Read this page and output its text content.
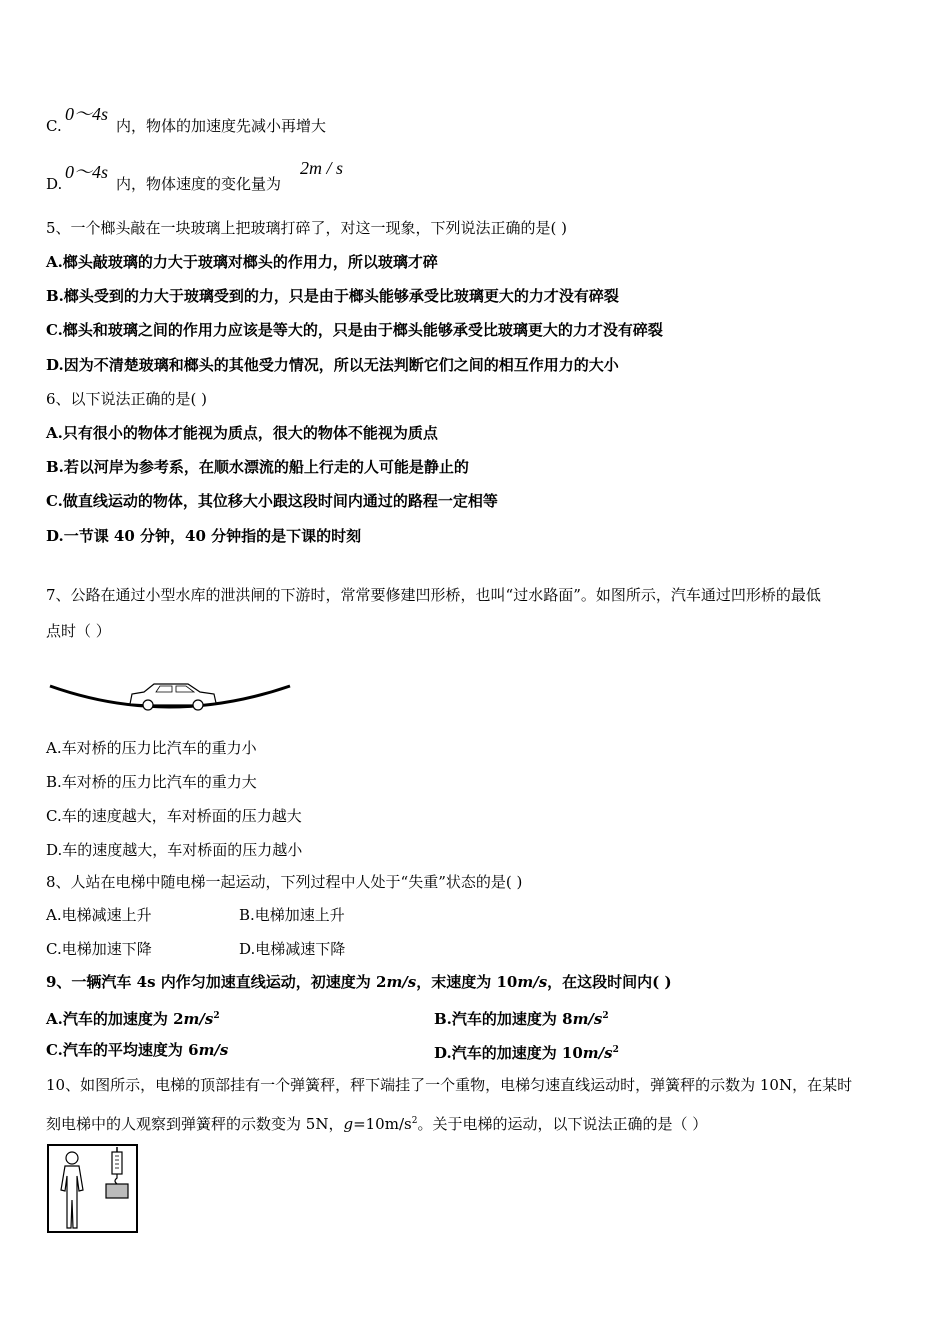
C.
0～4s
内，物体的加速度先减小再增大
D.
0～4s
内，物体速度的变化量为
2m / s
5、一个榔头敲在一块玻璃上把玻璃打碎了，对这一现象，下列说法正确的是( )
A.榔头敲玻璃的力大于玻璃对榔头的作用力，所以玻璃才碎
B.榔头受到的力大于玻璃受到的力，只是由于榔头能够承受比玻璃更大的力才没有碎裂
C.榔头和玻璃之间的作用力应该是等大的，只是由于榔头能够承受比玻璃更大的力才没有碎裂
D.因为不清楚玻璃和榔头的其他受力情况，所以无法判断它们之间的相互作用力的大小
6、以下说法正确的是( )
A.只有很小的物体才能视为质点，很大的物体不能视为质点
B.若以河岸为参考系，在顺水漂流的船上行走的人可能是静止的
C.做直线运动的物体，其位移大小跟这段时间内通过的路程一定相等
D.一节课 40 分钟，40 分钟指的是下课的时刻
7、公路在通过小型水库的泄洪闸的下游时，常常要修建凹形桥，也叫“过水路面”。如图所示，汽车通过凹形桥的最低
点时（ ）
A.车对桥的压力比汽车的重力小
B.车对桥的压力比汽车的重力大
C.车的速度越大，车对桥面的压力越大
D.车的速度越大，车对桥面的压力越小
8、人站在电梯中随电梯一起运动，下列过程中人处于“失重”状态的是( )
A.电梯减速上升	B.电梯加速上升
C.电梯加速下降	D.电梯减速下降
9、一辆汽车 4s 内作匀加速直线运动，初速度为 2m/s，末速度为 10m/s，在这段时间内( )
A.汽车的加速度为 $2m/s^2$	B.汽车的加速度为 $8m/s^2$
C.汽车的平均速度为 6m/s	D.汽车的加速度为 $10m/s^2$
10、如图所示，电梯的顶部挂有一个弹簧秤，秤下端挂了一个重物，电梯匀速直线运动时，弹簧秤的示数为 10N，在某时
刻电梯中的人观察到弹簧秤的示数变为 5N，$g=10m/s^2$。关于电梯的运动，以下说法正确的是（ ）
